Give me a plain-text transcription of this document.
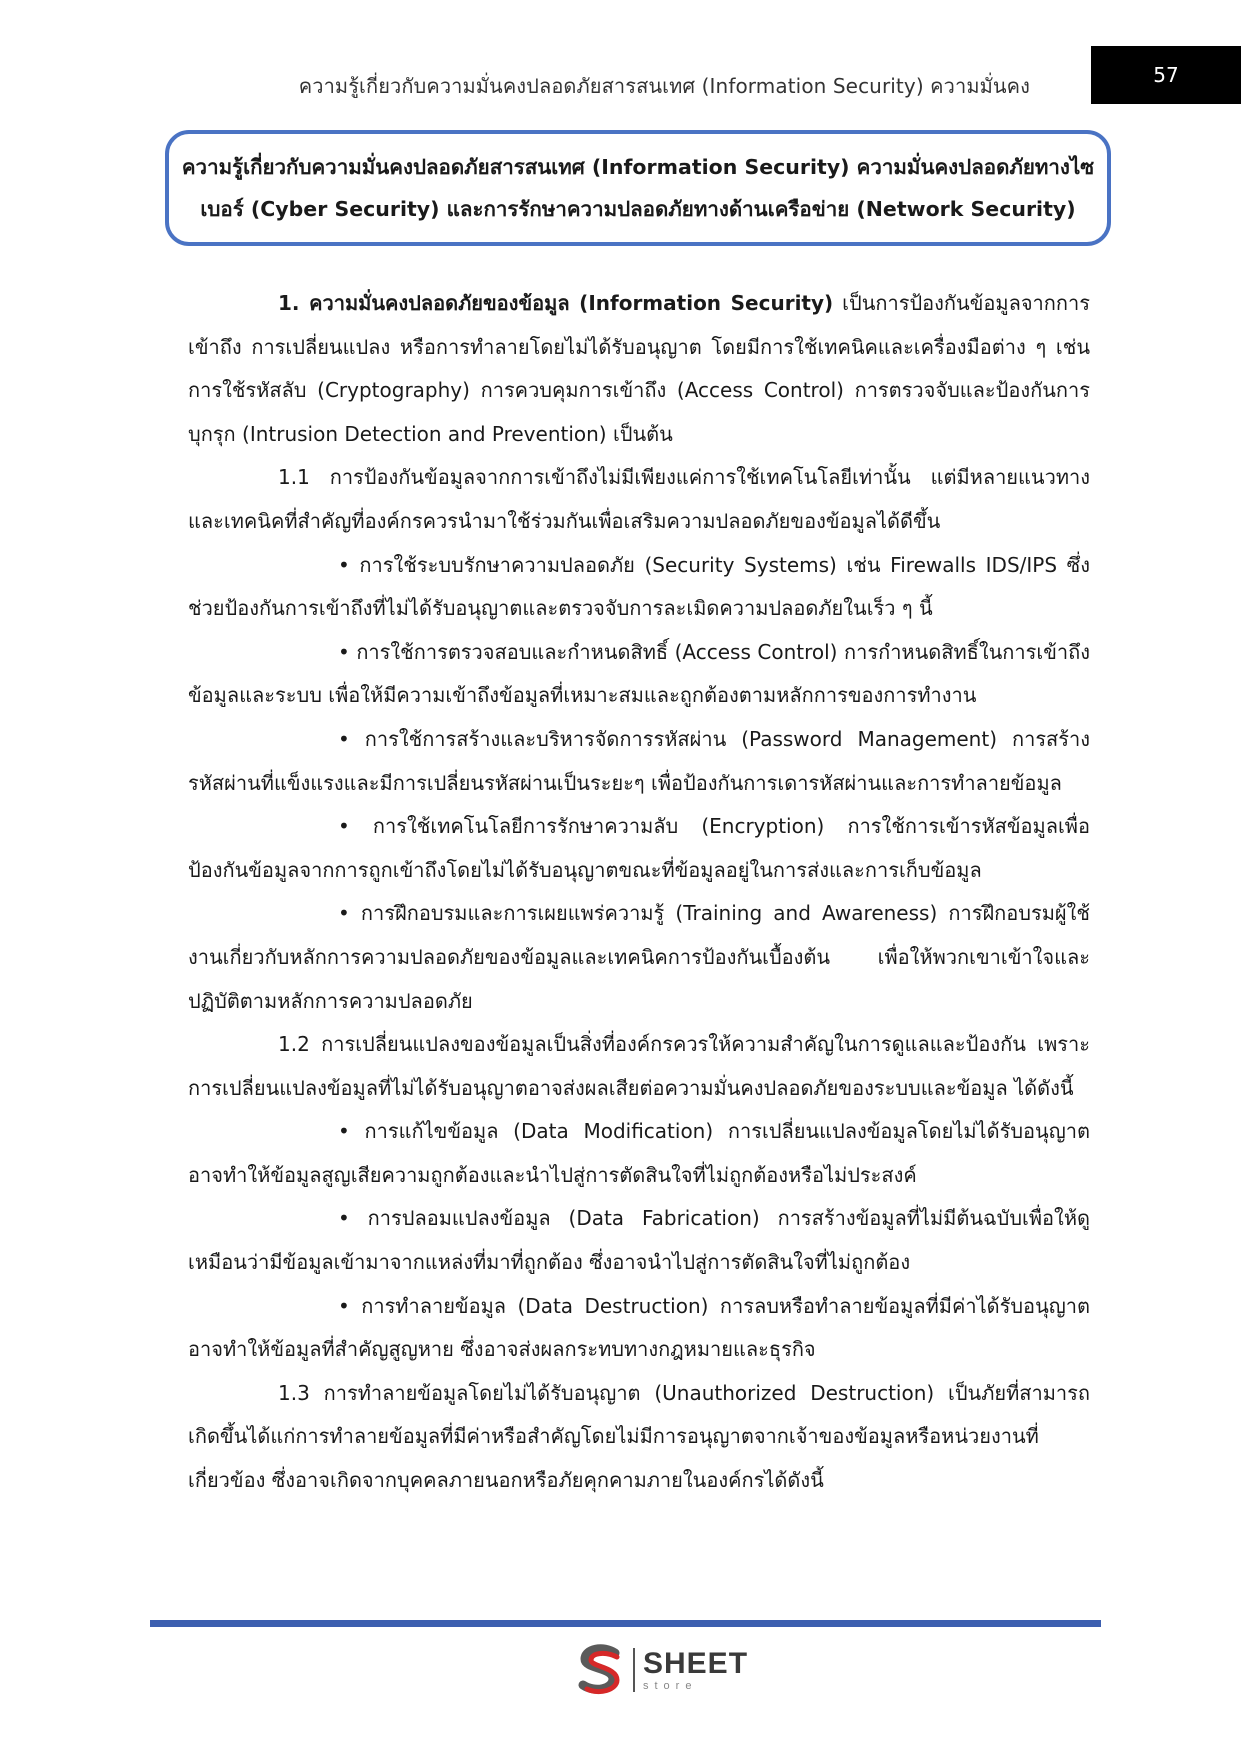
ความรู้เกี่ยวกับความมั่นคงปลอดภัยสารสนเทศ (Information Security) ความมั่นคง	57
ความรู้เกี่ยวกับความมั่นคงปลอดภัยสารสนเทศ (Information Security) ความมั่นคงปลอดภัยทางไซ
เบอร์ (Cyber Security) และการรักษาความปลอดภัยทางด้านเครือข่าย (Network Security)

1. ความมั่นคงปลอดภัยของข้อมูล (Information Security) เป็นการป้องกันข้อมูลจากการเข้าถึง การเปลี่ยนแปลง หรือการทำลายโดยไม่ได้รับอนุญาต โดยมีการใช้เทคนิคและเครื่องมือต่าง ๆ เช่น การใช้รหัสลับ (Cryptography) การควบคุมการเข้าถึง (Access Control) การตรวจจับและป้องกันการบุกรุก (Intrusion Detection and Prevention) เป็นต้น

1.1 การป้องกันข้อมูลจากการเข้าถึงไม่มีเพียงแค่การใช้เทคโนโลยีเท่านั้น แต่มีหลายแนวทางและเทคนิคที่สำคัญที่องค์กรควรนำมาใช้ร่วมกันเพื่อเสริมความปลอดภัยของข้อมูลได้ดีขึ้น

• การใช้ระบบรักษาความปลอดภัย (Security Systems) เช่น Firewalls IDS/IPS ซึ่งช่วยป้องกันการเข้าถึงที่ไม่ได้รับอนุญาตและตรวจจับการละเมิดความปลอดภัยในเร็ว ๆ นี้

• การใช้การตรวจสอบและกำหนดสิทธิ์ (Access Control) การกำหนดสิทธิ์ในการเข้าถึงข้อมูลและระบบ เพื่อให้มีความเข้าถึงข้อมูลที่เหมาะสมและถูกต้องตามหลักการของการทำงาน

• การใช้การสร้างและบริหารจัดการรหัสผ่าน (Password Management) การสร้างรหัสผ่านที่แข็งแรงและมีการเปลี่ยนรหัสผ่านเป็นระยะๆ เพื่อป้องกันการเดารหัสผ่านและการทำลายข้อมูล

• การใช้เทคโนโลยีการรักษาความลับ (Encryption) การใช้การเข้ารหัสข้อมูลเพื่อป้องกันข้อมูลจากการถูกเข้าถึงโดยไม่ได้รับอนุญาตขณะที่ข้อมูลอยู่ในการส่งและการเก็บข้อมูล

• การฝึกอบรมและการเผยแพร่ความรู้ (Training and Awareness) การฝึกอบรมผู้ใช้งานเกี่ยวกับหลักการความปลอดภัยของข้อมูลและเทคนิคการป้องกันเบื้องต้น เพื่อให้พวกเขาเข้าใจและปฏิบัติตามหลักการความปลอดภัย

1.2 การเปลี่ยนแปลงของข้อมูลเป็นสิ่งที่องค์กรควรให้ความสำคัญในการดูแลและป้องกัน เพราะการเปลี่ยนแปลงข้อมูลที่ไม่ได้รับอนุญาตอาจส่งผลเสียต่อความมั่นคงปลอดภัยของระบบและข้อมูล ได้ดังนี้

• การแก้ไขข้อมูล (Data Modification) การเปลี่ยนแปลงข้อมูลโดยไม่ได้รับอนุญาต อาจทำให้ข้อมูลสูญเสียความถูกต้องและนำไปสู่การตัดสินใจที่ไม่ถูกต้องหรือไม่ประสงค์

• การปลอมแปลงข้อมูล (Data Fabrication) การสร้างข้อมูลที่ไม่มีต้นฉบับเพื่อให้ดูเหมือนว่ามีข้อมูลเข้ามาจากแหล่งที่มาที่ถูกต้อง ซึ่งอาจนำไปสู่การตัดสินใจที่ไม่ถูกต้อง

• การทำลายข้อมูล (Data Destruction) การลบหรือทำลายข้อมูลที่มีค่าได้รับอนุญาต อาจทำให้ข้อมูลที่สำคัญสูญหาย ซึ่งอาจส่งผลกระทบทางกฎหมายและธุรกิจ

1.3 การทำลายข้อมูลโดยไม่ได้รับอนุญาต (Unauthorized Destruction) เป็นภัยที่สามารถเกิดขึ้นได้แก่การทำลายข้อมูลที่มีค่าหรือสำคัญโดยไม่มีการอนุญาตจากเจ้าของข้อมูลหรือหน่วยงานที่เกี่ยวข้อง ซึ่งอาจเกิดจากบุคคลภายนอกหรือภัยคุกคามภายในองค์กรได้ดังนี้

SHEET
store
